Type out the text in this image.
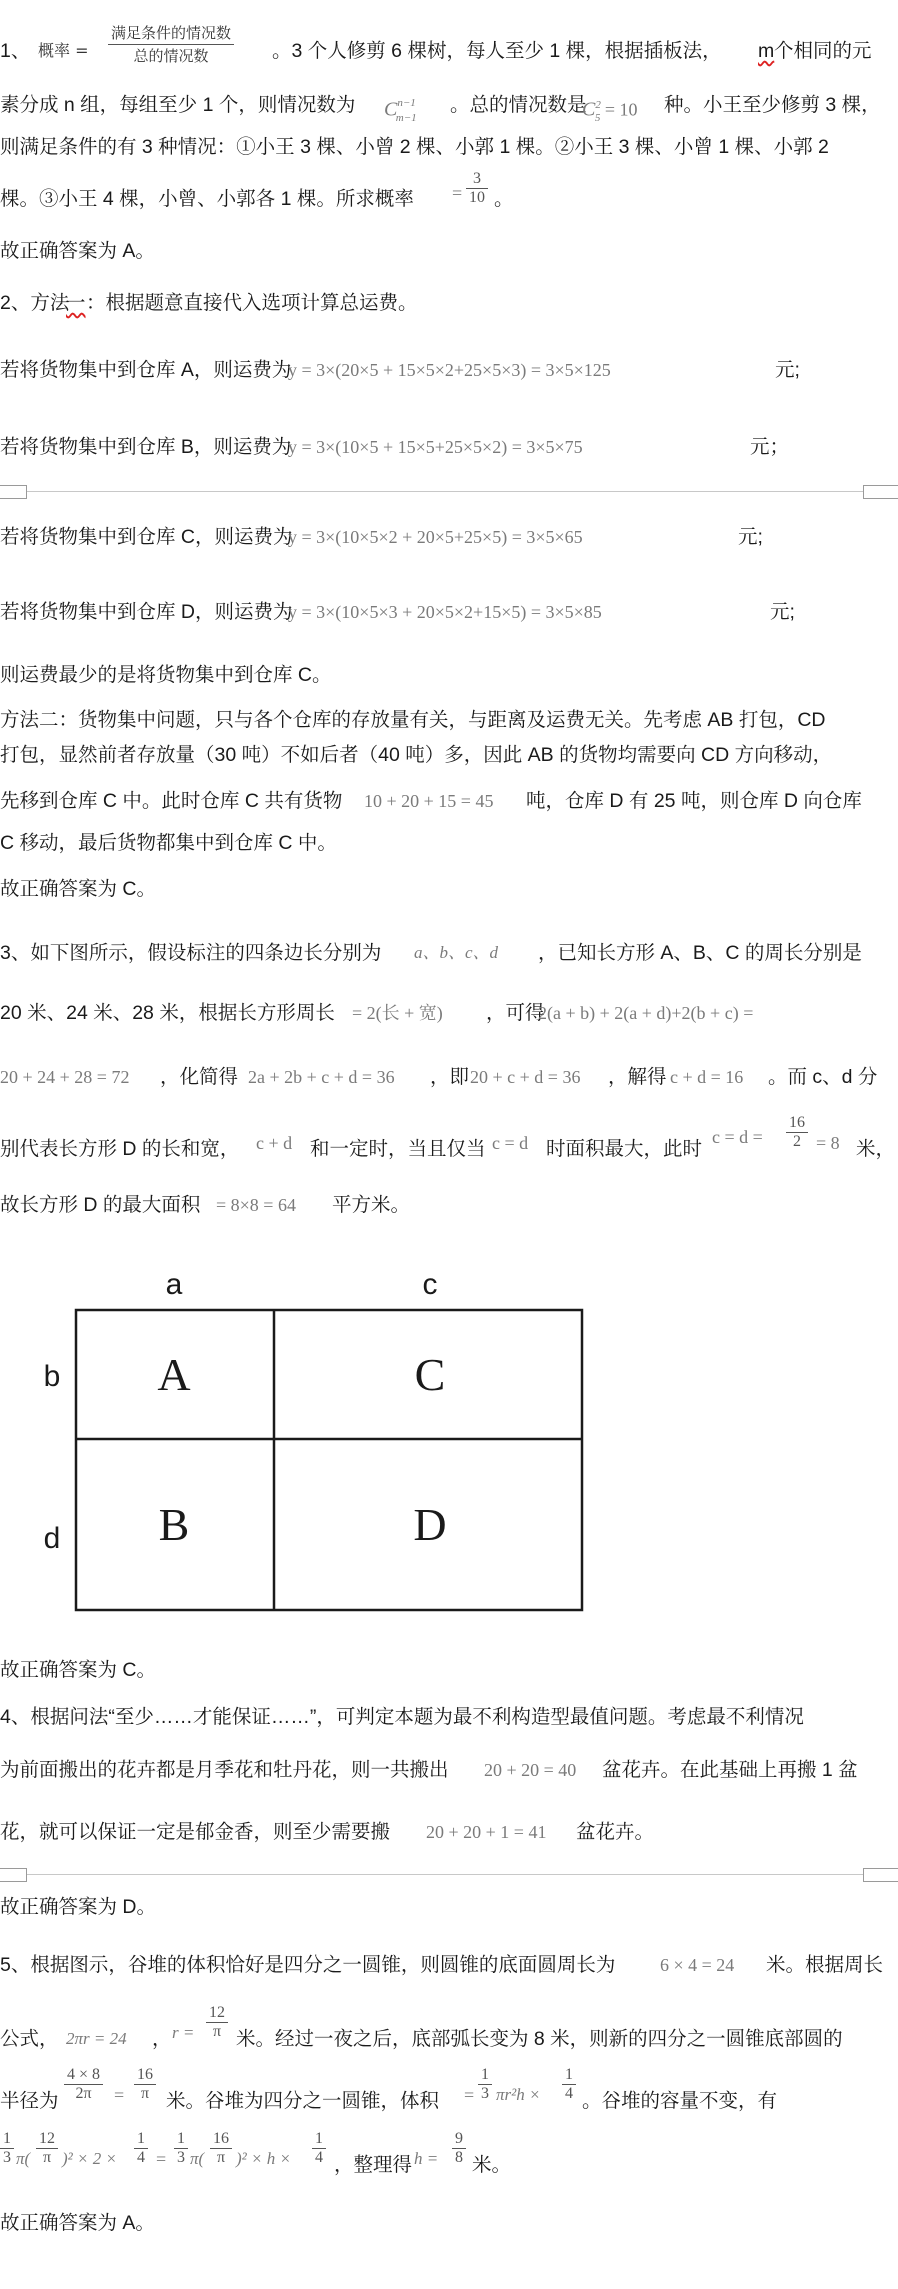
1、 概率 = $\frac{\text{满足条件的情况数}}{\text{总的情况数}}$ 。3 个人修剪 6 棵树，每人至少 1 棵，根据插板法， m 个相同的元
素分成 n 组，每组至少 1 个，则情况数为 $C^{n-1}_{m-1}$
。总的情况数是
$C^2_5 = 10$ 种。小王至少修剪 3 棵，
则满足条件的有 3 种情况：①小王 3 棵、小曾 2 棵、小郭 1 棵。②小王 3 棵、小曾 1 棵、小郭 2
棵。③小王 4 棵，小曾、小郭各 1 棵。所求概率 = $\frac{3}{10}$ 。
故正确答案为 A。
2、方法
一 ：根据题意直接代入选项计算总运费。
若将货物集中到仓库 A，则运费为
y = 3×(20×5 + 15×5×2+25×5×3) = 3×5×125	元;
若将货物集中到仓库 B，则运费为
y = 3×(10×5 + 15×5+25×5×2) = 3×5×75	元；
若将货物集中到仓库 C，则运费为
y = 3×(10×5×2 + 20×5+25×5) = 3×5×65	元;
若将货物集中到仓库 D，则运费为
y = 3×(10×5×3 + 20×5×2+15×5) = 3×5×85	元;
则运费最少的是将货物集中到仓库 C。
方法二：货物集中问题，只与各个仓库的存放量有关，与距离及运费无关。先考虑 AB 打包，CD
打包，显然前者存放量（30 吨）不如后者（40 吨）多，因此 AB 的货物均需要向 CD 方向移动，
先移到仓库 C 中。此时仓库 C 共有货物 10 + 20 + 15 = 45 吨，仓库 D 有 25 吨，则仓库 D 向仓库
C 移动，最后货物都集中到仓库 C 中。
故正确答案为 C。
3、如下图所示，假设标注的四条边长分别为 a、b、c、d ，已知长方形 A、B、C 的周长分别是
20 米、24 米、28 米，根据长方形周长 = 2(长 + 宽) ，可得
2(a + b) + 2(a + d)+2(b + c) =
20 + 24 + 28 = 72 ，化简得 2a + 2b + c + d = 36 ，即 20 + c + d = 36 ，解得 c + d = 16 。而 c、d 分
别代表长方形 D 的长和宽， c + d 和一定时，当且仅当 c = d 时面积最大，此时
$c = d = \frac{16}{2} = 8$ 米，
故长方形 D 的最大面积 = 8×8 = 64 平方米。
a	c
b
d
A	C
B	D
故正确答案为 C。
4、根据问法“至少……才能保证……”，可判定本题为最不利构造型最值问题。考虑最不利情况
为前面搬出的花卉都是月季花和牡丹花，则一共搬出 20 + 20 = 40 盆花卉。在此基础上再搬 1 盆
花，就可以保证一定是郁金香，则至少需要搬 20 + 20 + 1 = 41 盆花卉。
故正确答案为 D。
5、根据图示，谷堆的体积恰好是四分之一圆锥，则圆锥的底面圆周长为 6 × 4 = 24 米。根据周长
公式， 2πr = 24 ， $r = \frac{12}{\pi}$ 米。经过一夜之后，底部弧长变为 8 米，则新的四分之一圆锥底部圆的
半径为 $\frac{4 \times 8}{2\pi} = \frac{16}{\pi}$ 米。谷堆为四分之一圆锥，体积 = $\frac{1}{3} \pi r^2h \times \frac{1}{4}$ 。谷堆的容量不变，有
$\frac{1}{3} \pi( \frac{12}{\pi} )^2 \times 2 \times \frac{1}{4} = \frac{1}{3} \pi( \frac{16}{\pi} )^2 \times h \times \frac{1}{4}$ ，整理得 $h = \frac{9}{8}$ 米。
故正确答案为 A。
